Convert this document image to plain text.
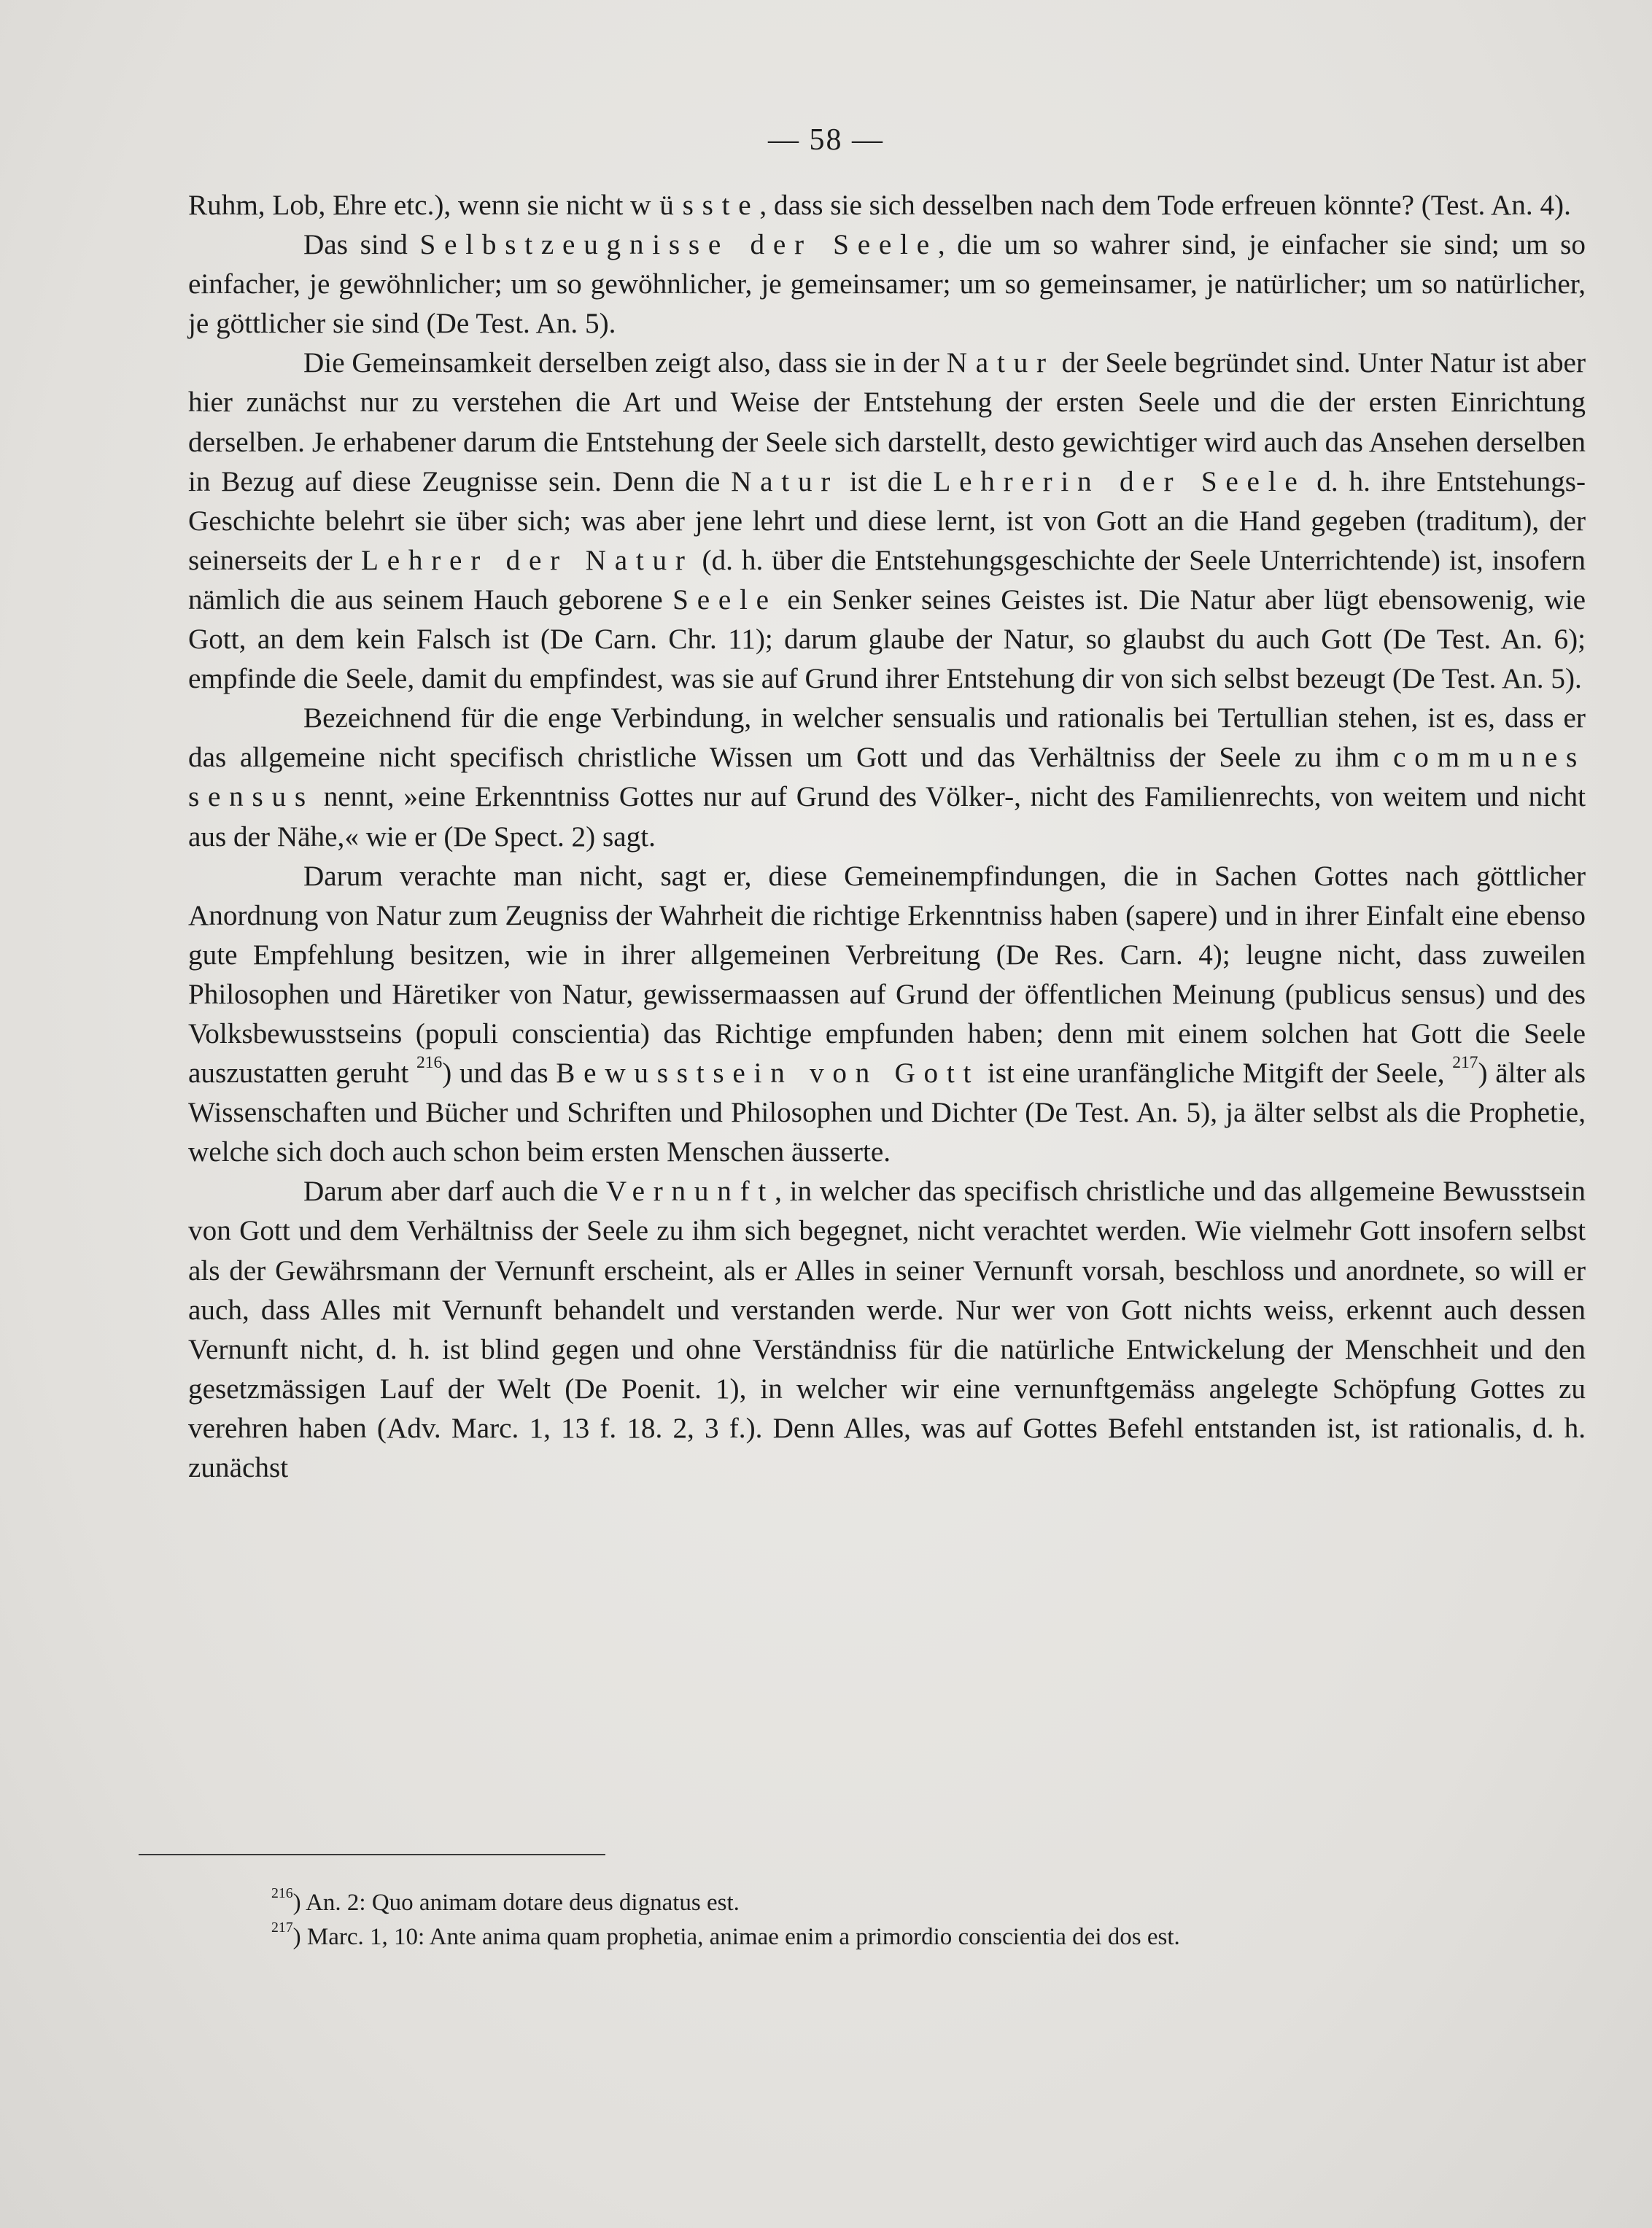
— 58 —

Ruhm, Lob, Ehre etc.), wenn sie nicht wüsste, dass sie sich desselben nach dem Tode erfreuen könnte? (Test. An. 4).

Das sind Selbstzeugnisse der Seele, die um so wahrer sind, je einfacher sie sind; um so einfacher, je gewöhnlicher; um so gewöhnlicher, je gemeinsamer; um so gemeinsamer, je natürlicher; um so natürlicher, je göttlicher sie sind (De Test. An. 5).

Die Gemeinsamkeit derselben zeigt also, dass sie in der Natur der Seele begründet sind. Unter Natur ist aber hier zunächst nur zu verstehen die Art und Weise der Entstehung der ersten Seele und die der ersten Einrichtung derselben. Je erhabener darum die Entstehung der Seele sich darstellt, desto gewichtiger wird auch das Ansehen derselben in Bezug auf diese Zeugnisse sein. Denn die Natur ist die Lehrerin der Seele d. h. ihre Entstehungs-Geschichte belehrt sie über sich; was aber jene lehrt und diese lernt, ist von Gott an die Hand gegeben (traditum), der seinerseits der Lehrer der Natur (d. h. über die Entstehungsgeschichte der Seele Unterrichtende) ist, insofern nämlich die aus seinem Hauch geborene Seele ein Senker seines Geistes ist. Die Natur aber lügt ebensowenig, wie Gott, an dem kein Falsch ist (De Carn. Chr. 11); darum glaube der Natur, so glaubst du auch Gott (De Test. An. 6); empfinde die Seele, damit du empfindest, was sie auf Grund ihrer Entstehung dir von sich selbst bezeugt (De Test. An. 5).

Bezeichnend für die enge Verbindung, in welcher sensualis und rationalis bei Tertullian stehen, ist es, dass er das allgemeine nicht specifisch christliche Wissen um Gott und das Verhältniss der Seele zu ihm communes sensus nennt, »eine Erkenntniss Gottes nur auf Grund des Völker-, nicht des Familienrechts, von weitem und nicht aus der Nähe,« wie er (De Spect. 2) sagt.

Darum verachte man nicht, sagt er, diese Gemeinempfindungen, die in Sachen Gottes nach göttlicher Anordnung von Natur zum Zeugniss der Wahrheit die richtige Erkenntniss haben (sapere) und in ihrer Einfalt eine ebenso gute Empfehlung besitzen, wie in ihrer allgemeinen Verbreitung (De Res. Carn. 4); leugne nicht, dass zuweilen Philosophen und Häretiker von Natur, gewissermaassen auf Grund der öffentlichen Meinung (publicus sensus) und des Volksbewusstseins (populi conscientia) das Richtige empfunden haben; denn mit einem solchen hat Gott die Seele auszustatten geruht $^{216}$) und das Bewusstsein von Gott ist eine uranfängliche Mitgift der Seele, $^{217}$) älter als Wissenschaften und Bücher und Schriften und Philosophen und Dichter (De Test. An. 5), ja älter selbst als die Prophetie, welche sich doch auch schon beim ersten Menschen äusserte.

Darum aber darf auch die Vernunft, in welcher das specifisch christliche und das allgemeine Bewusstsein von Gott und dem Verhältniss der Seele zu ihm sich begegnet, nicht verachtet werden. Wie vielmehr Gott insofern selbst als der Gewährsmann der Vernunft erscheint, als er Alles in seiner Vernunft vorsah, beschloss und anordnete, so will er auch, dass Alles mit Vernunft behandelt und verstanden werde. Nur wer von Gott nichts weiss, erkennt auch dessen Vernunft nicht, d. h. ist blind gegen und ohne Verständniss für die natürliche Entwickelung der Menschheit und den gesetzmässigen Lauf der Welt (De Poenit. 1), in welcher wir eine vernunftgemäss angelegte Schöpfung Gottes zu verehren haben (Adv. Marc. 1, 13 f. 18. 2, 3 f.). Denn Alles, was auf Gottes Befehl entstanden ist, ist rationalis, d. h. zunächst

$^{216}$) An. 2: Quo animam dotare deus dignatus est.

$^{217}$) Marc. 1, 10: Ante anima quam prophetia, animae enim a primordio conscientia dei dos est.
